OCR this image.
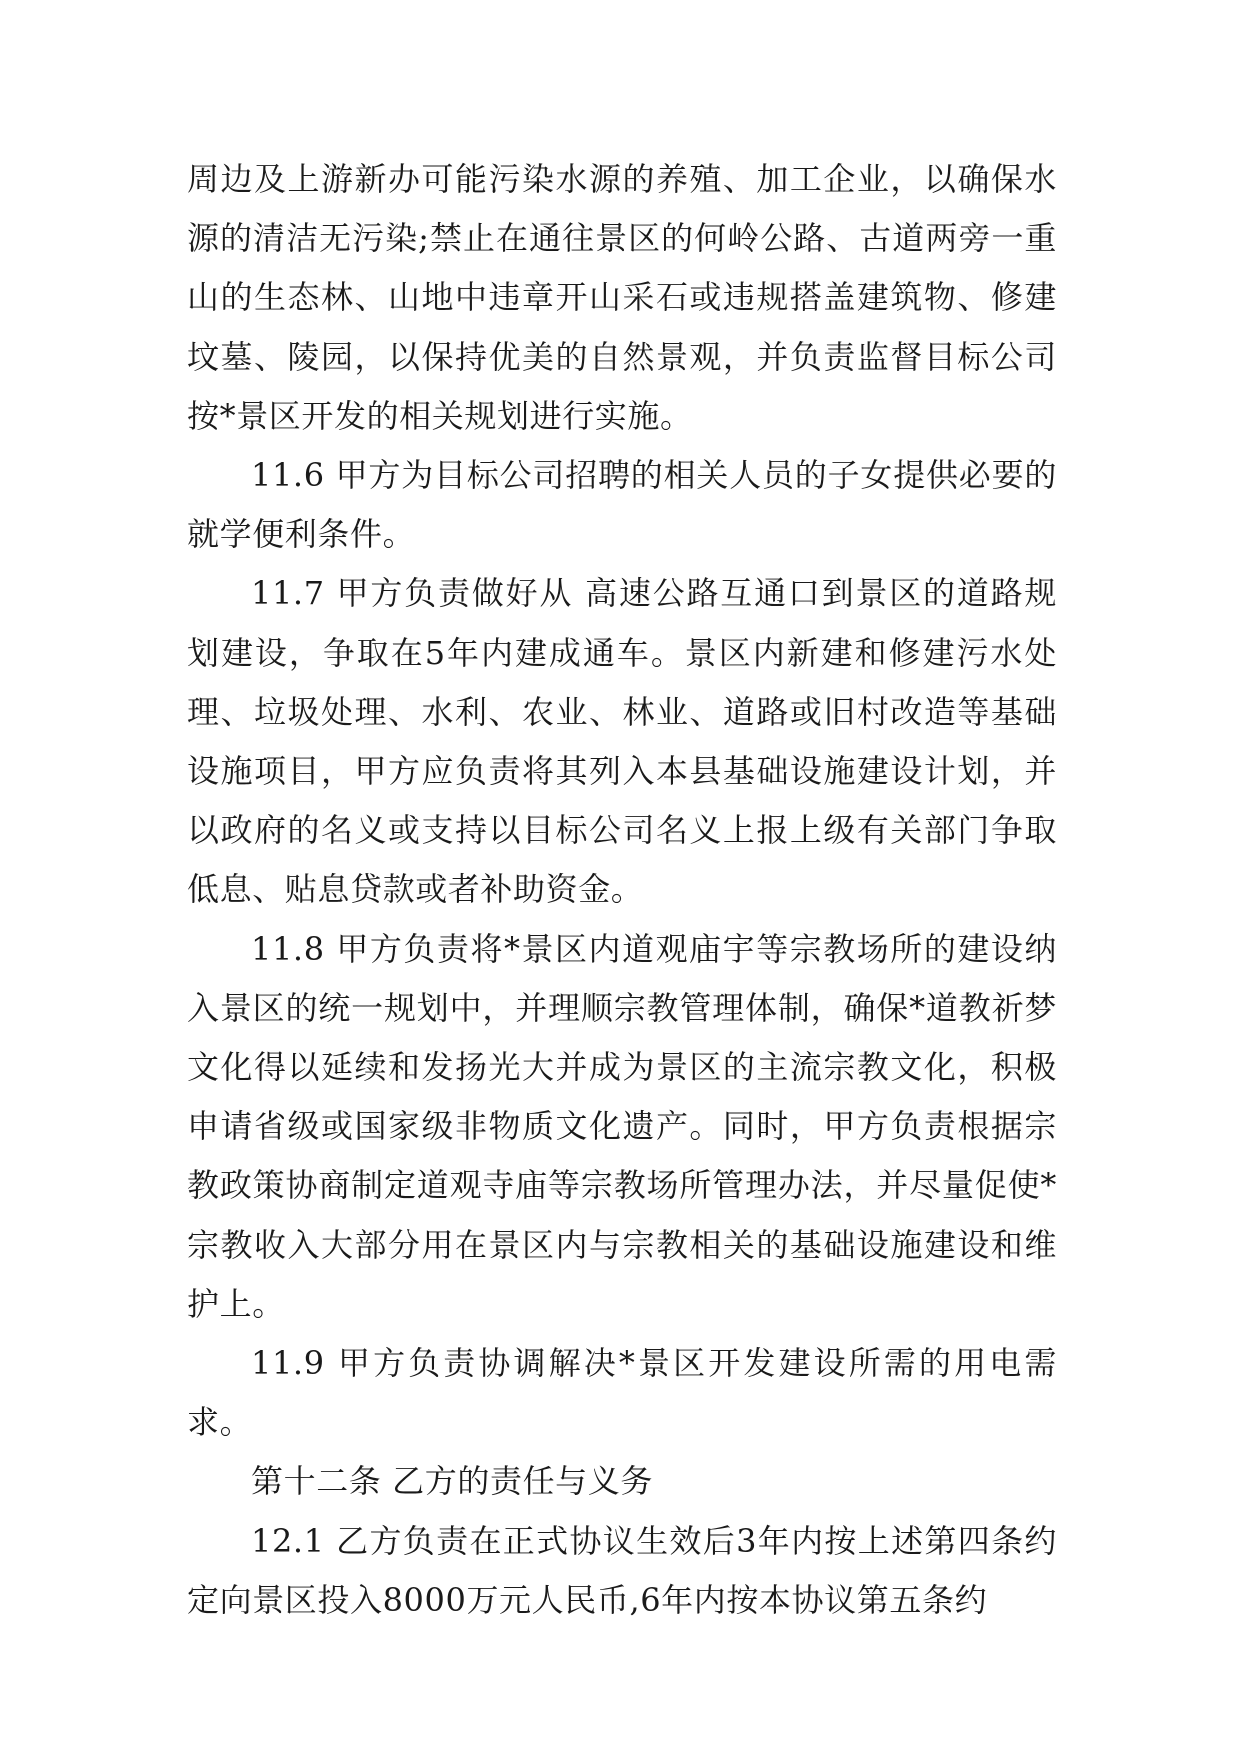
周边及上游新办可能污染水源的养殖、加工企业，以确保水源的清洁无污染;禁止在通往景区的何岭公路、古道两旁一重山的生态林、山地中违章开山采石或违规搭盖建筑物、修建坟墓、陵园，以保持优美的自然景观，并负责监督目标公司按*景区开发的相关规划进行实施。

11.6 甲方为目标公司招聘的相关人员的子女提供必要的就学便利条件。

11.7 甲方负责做好从 高速公路互通口到景区的道路规划建设，争取在5年内建成通车。景区内新建和修建污水处理、垃圾处理、水利、农业、林业、道路或旧村改造等基础设施项目，甲方应负责将其列入本县基础设施建设计划，并以政府的名义或支持以目标公司名义上报上级有关部门争取低息、贴息贷款或者补助资金。

11.8 甲方负责将*景区内道观庙宇等宗教场所的建设纳入景区的统一规划中，并理顺宗教管理体制，确保*道教祈梦文化得以延续和发扬光大并成为景区的主流宗教文化，积极申请省级或国家级非物质文化遗产。同时，甲方负责根据宗教政策协商制定道观寺庙等宗教场所管理办法，并尽量促使*宗教收入大部分用在景区内与宗教相关的基础设施建设和维护上。

11.9 甲方负责协调解决*景区开发建设所需的用电需求。

第十二条 乙方的责任与义务

12.1 乙方负责在正式协议生效后3年内按上述第四条约定向景区投入8000万元人民币,6年内按本协议第五条约
